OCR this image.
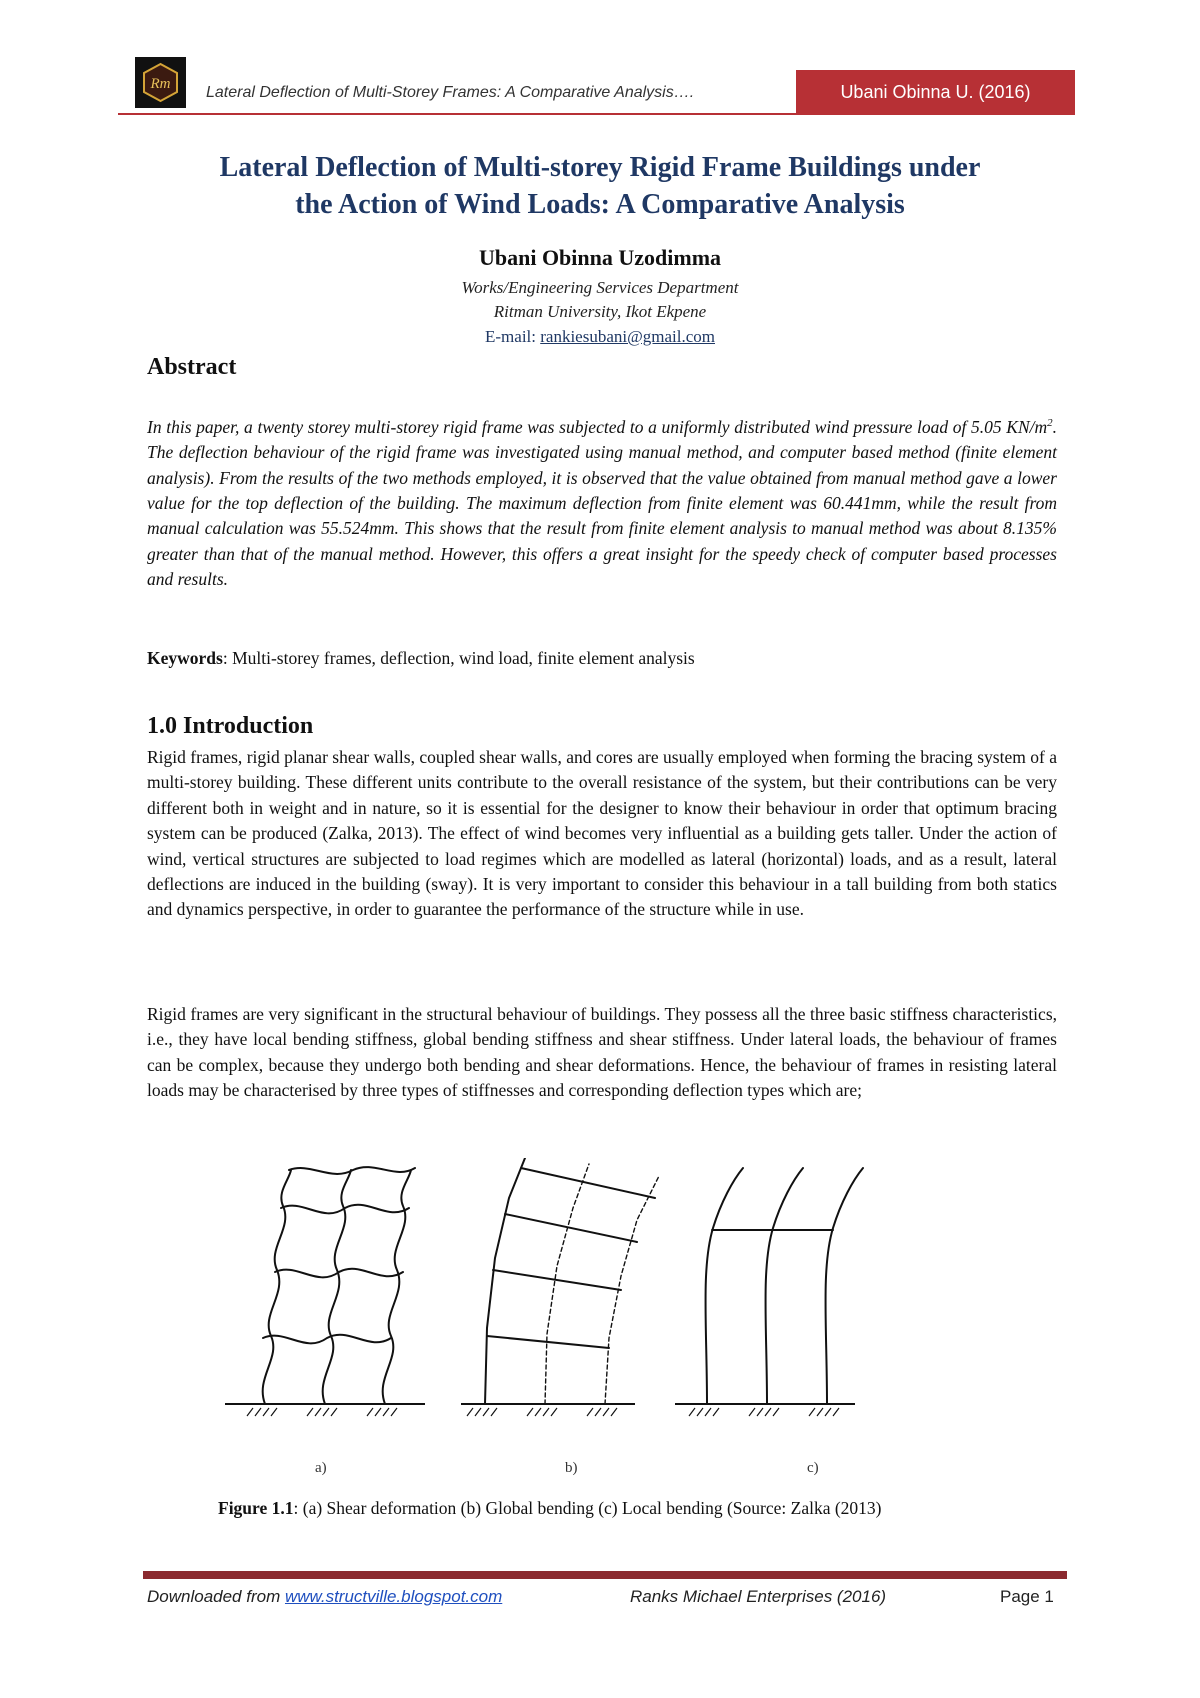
Rm Lateral Deflection of Multi-Storey Frames: A Comparative Analysis….	Ubani Obinna U. (2016)
Lateral Deflection of Multi-storey Rigid Frame Buildings under
the Action of Wind Loads: A Comparative Analysis
Ubani Obinna Uzodimma
Works/Engineering Services Department
Ritman University, Ikot Ekpene
E-mail: rankiesubani@gmail.com
Abstract
In this paper, a twenty storey multi-storey rigid frame was subjected to a uniformly distributed wind pressure load of 5.05 $KN/m^2$. The deflection behaviour of the rigid frame was investigated using manual method, and computer based method (finite element analysis). From the results of the two methods employed, it is observed that the value obtained from manual method gave a lower value for the top deflection of the building. The maximum deflection from finite element was 60.441mm, while the result from manual calculation was 55.524mm. This shows that the result from finite element analysis to manual method was about 8.135% greater than that of the manual method. However, this offers a great insight for the speedy check of computer based processes and results.
Keywords: Multi-storey frames, deflection, wind load, finite element analysis
1.0 Introduction
Rigid frames, rigid planar shear walls, coupled shear walls, and cores are usually employed when forming the bracing system of a multi-storey building. These different units contribute to the overall resistance of the system, but their contributions can be very different both in weight and in nature, so it is essential for the designer to know their behaviour in order that optimum bracing system can be produced (Zalka, 2013). The effect of wind becomes very influential as a building gets taller. Under the action of wind, vertical structures are subjected to load regimes which are modelled as lateral (horizontal) loads, and as a result, lateral deflections are induced in the building (sway). It is very important to consider this behaviour in a tall building from both statics and dynamics perspective, in order to guarantee the performance of the structure while in use.
Rigid frames are very significant in the structural behaviour of buildings. They possess all the three basic stiffness characteristics, i.e., they have local bending stiffness, global bending stiffness and shear stiffness. Under lateral loads, the behaviour of frames can be complex, because they undergo both bending and shear deformations. Hence, the behaviour of frames in resisting lateral loads may be characterised by three types of stiffnesses and corresponding deflection types which are;
a)	b)	c)
Figure 1.1: (a) Shear deformation (b) Global bending (c) Local bending (Source: Zalka (2013)
Downloaded from www.structville.blogspot.com	Ranks Michael Enterprises (2016)	Page 1
